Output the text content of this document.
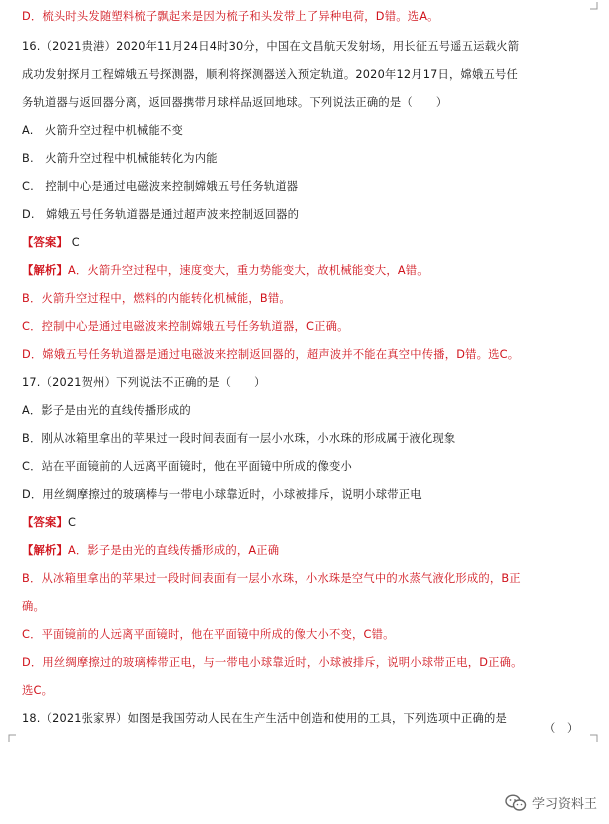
D．梳头时头发随塑料梳子飘起来是因为梳子和头发带上了异种电荷，D错。选A。
16.（2021贵港）2020年11月24日4时30分，中国在文昌航天发射场，用长征五号遥五运载火箭
成功发射探月工程嫦娥五号探测器，顺利将探测器送入预定轨道。2020年12月17日，嫦娥五号任
务轨道器与返回器分离，返回器携带月球样品返回地球。下列说法正确的是（　　）
A.　火箭升空过程中机械能不变
B.　火箭升空过程中机械能转化为内能
C.　控制中心是通过电磁波来控制嫦娥五号任务轨道器
D.　嫦娥五号任务轨道器是通过超声波来控制返回器的
【答案】 C
【解析】A．火箭升空过程中，速度变大，重力势能变大，故机械能变大，A错。
B．火箭升空过程中，燃料的内能转化机械能，B错。
C．控制中心是通过电磁波来控制嫦娥五号任务轨道器，C正确。
D．嫦娥五号任务轨道器是通过电磁波来控制返回器的，超声波并不能在真空中传播，D错。选C。
17.（2021贺州）下列说法不正确的是（　　）
A．影子是由光的直线传播形成的
B．刚从冰箱里拿出的苹果过一段时间表面有一层小水珠，小水珠的形成属于液化现象
C．站在平面镜前的人远离平面镜时，他在平面镜中所成的像变小
D．用丝绸摩擦过的玻璃棒与一带电小球靠近时，小球被排斥，说明小球带正电
【答案】C
【解析】A．影子是由光的直线传播形成的，A正确
B．从冰箱里拿出的苹果过一段时间表面有一层小水珠，小水珠是空气中的水蒸气液化形成的，B正
确。
C．平面镜前的人远离平面镜时，他在平面镜中所成的像大小不变，C错。
D．用丝绸摩擦过的玻璃棒带正电，与一带电小球靠近时，小球被排斥，说明小球带正电，D正确。
选C。
18.（2021张家界）如图是我国劳动人民在生产生活中创造和使用的工具，下列选项中正确的是
（　）
学习资料王
